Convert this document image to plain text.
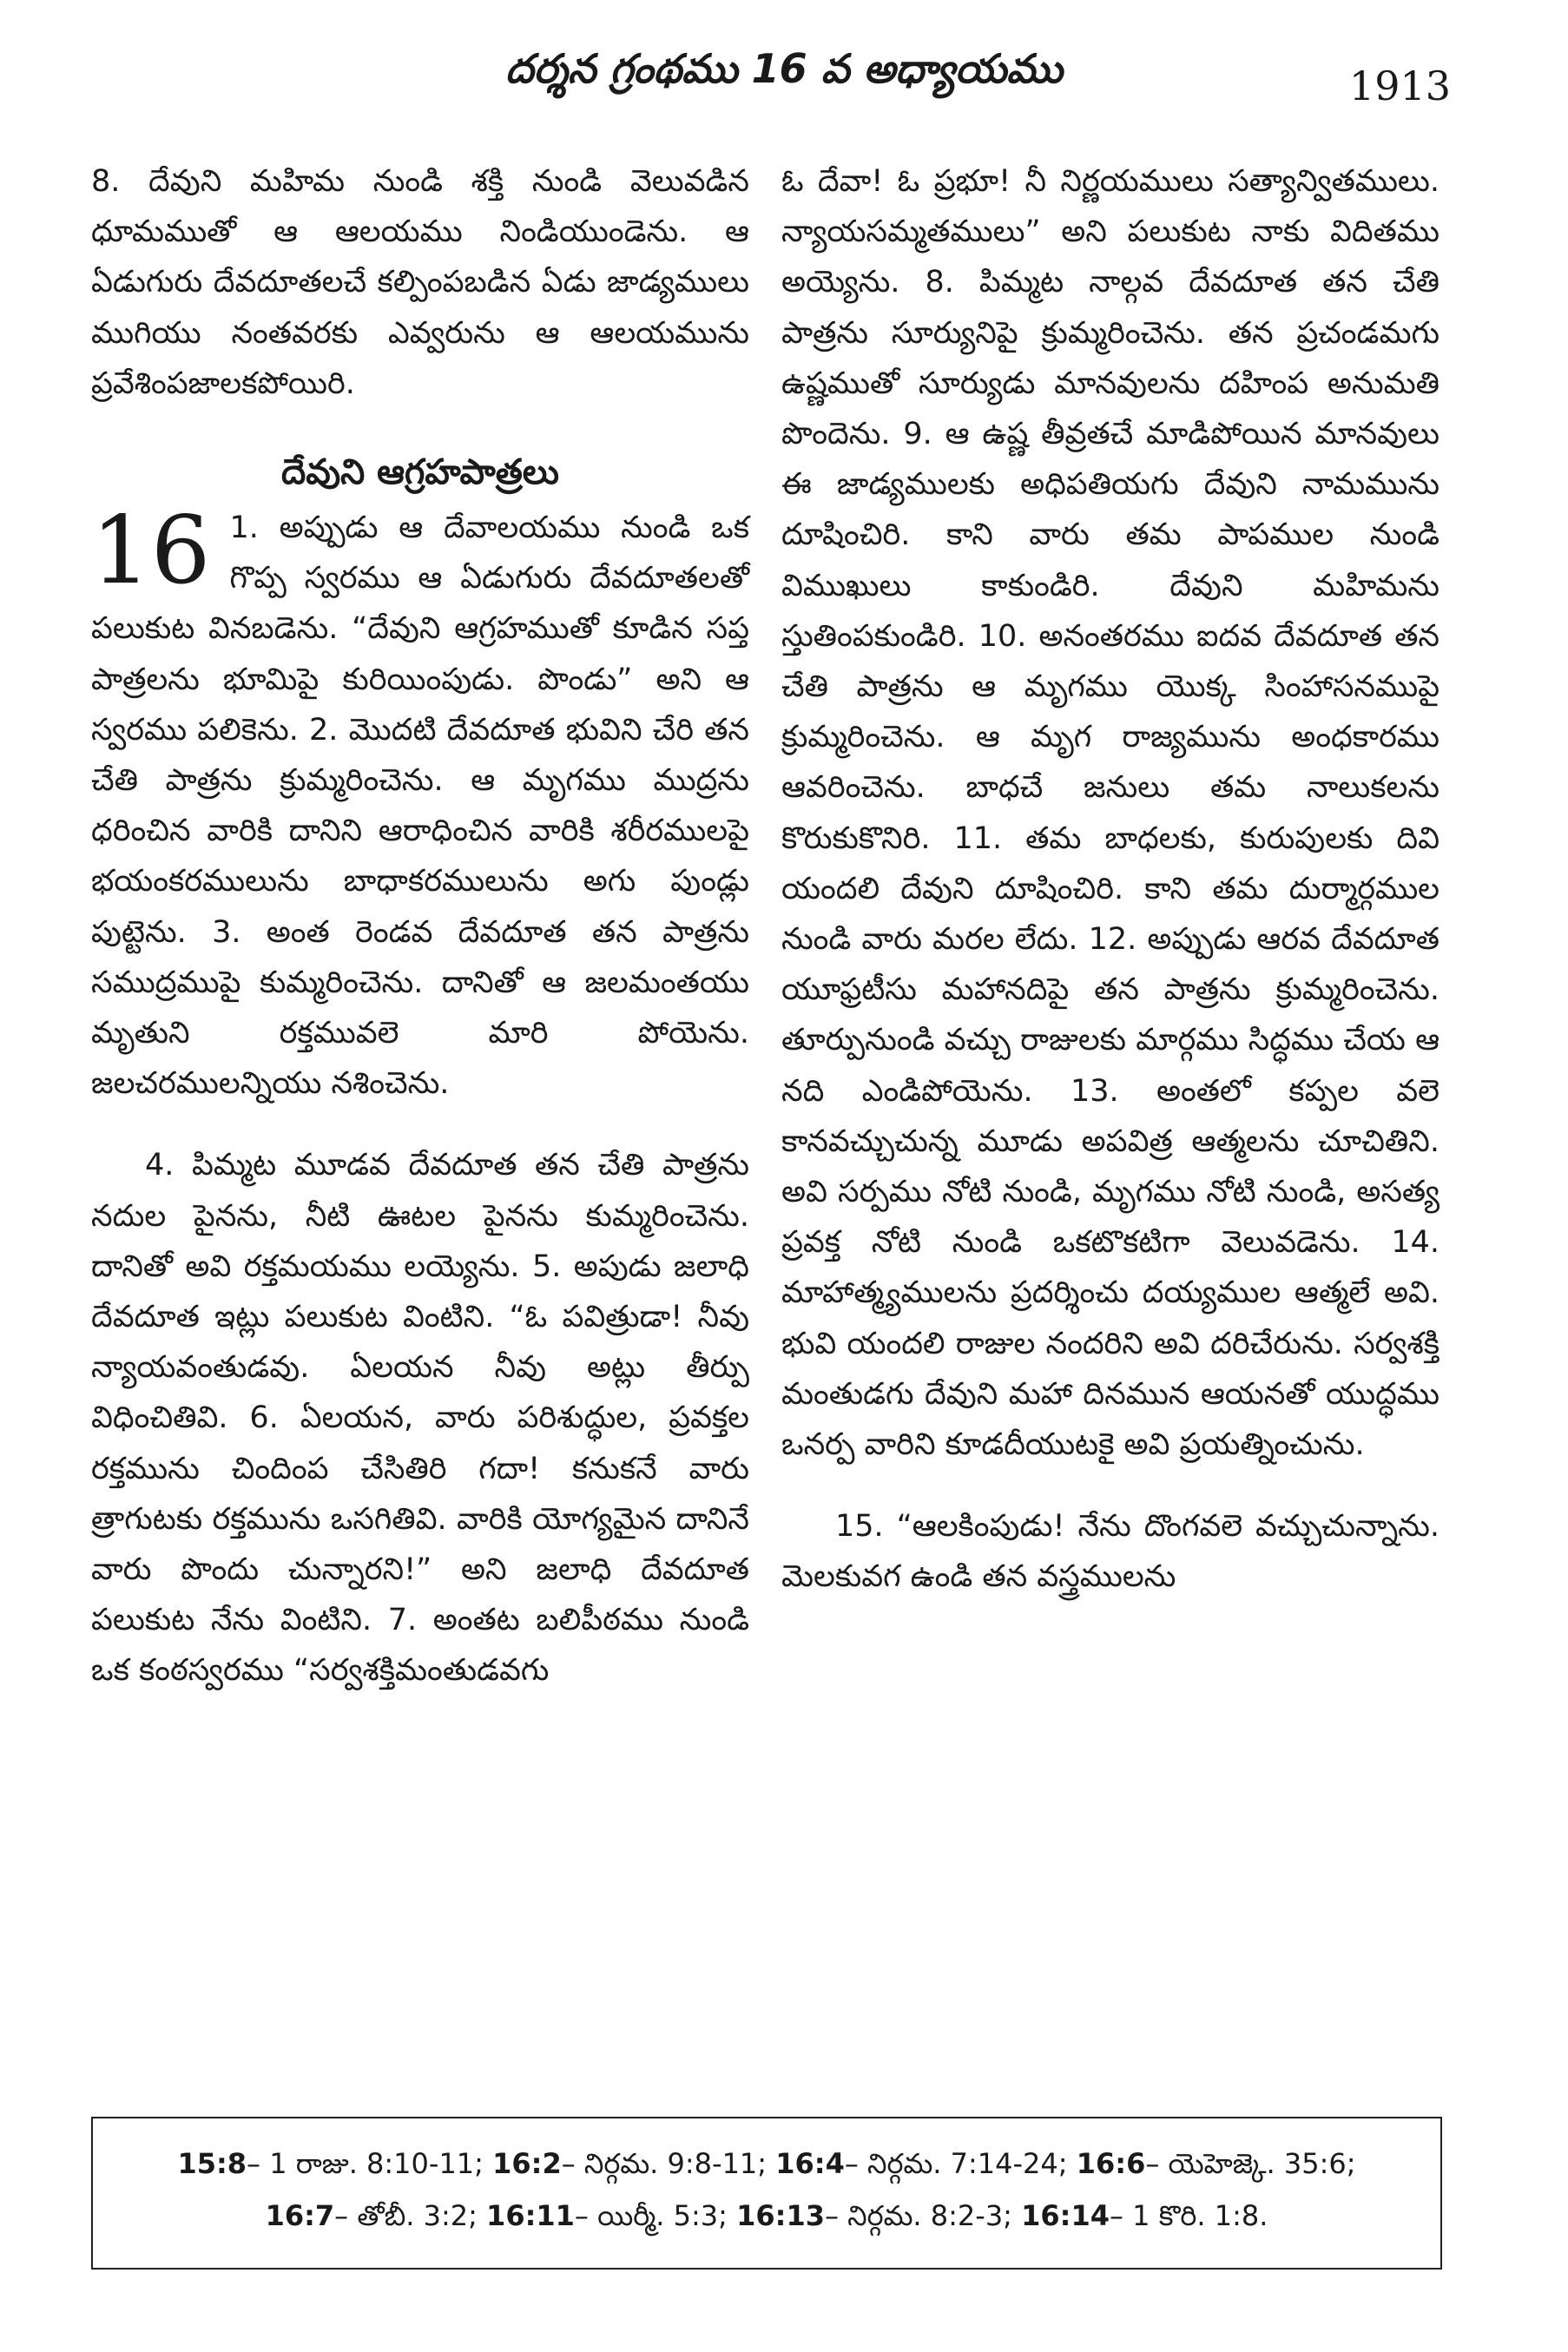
దర్శన గ్రంథము 16 వ అధ్యాయము	1913

8. దేవుని మహిమ నుండి శక్తి నుండి వెలువడిన ధూమముతో ఆ ఆలయము నిండియుండెను. ఆ ఏడుగురు దేవదూతలచే కల్పింపబడిన ఏడు జాడ్యములు ముగియు నంతవరకు ఎవ్వరును ఆ ఆలయమును ప్రవేశింపజాలకపోయిరి.

దేవుని ఆగ్రహపాత్రలు

16 1. అప్పుడు ఆ దేవాలయము నుండి ఒక గొప్ప స్వరము ఆ ఏడుగురు దేవదూతలతో పలుకుట వినబడెను. “దేవుని ఆగ్రహముతో కూడిన సప్త పాత్రలను భూమిపై కురియింపుడు. పొండు” అని ఆ స్వరము పలికెను. 2. మొదటి దేవదూత భువిని చేరి తన చేతి పాత్రను క్రుమ్మరించెను. ఆ మృగము ముద్రను ధరించిన వారికి దానిని ఆరాధించిన వారికి శరీరములపై భయంకరములును బాధాకరములును అగు పుండ్లు పుట్టెను. 3. అంత రెండవ దేవదూత తన పాత్రను సముద్రముపై కుమ్మరించెను. దానితో ఆ జలమంతయు మృతుని రక్తమువలె మారి పోయెను. జలచరములన్నియు నశించెను.

4. పిమ్మట మూడవ దేవదూత తన చేతి పాత్రను నదుల పైనను, నీటి ఊటల పైనను కుమ్మరించెను. దానితో అవి రక్తమయము లయ్యెను. 5. అపుడు జలాధి దేవదూత ఇట్లు పలుకుట వింటిని. “ఓ పవిత్రుడా! నీవు న్యాయవంతుడవు. ఏలయన నీవు అట్లు తీర్పు విధించితివి. 6. ఏలయన, వారు పరిశుద్ధుల, ప్రవక్తల రక్తమును చిందింప చేసితిరి గదా! కనుకనే వారు త్రాగుటకు రక్తమును ఒసగితివి. వారికి యోగ్యమైన దానినే వారు పొందు చున్నారని!” అని జలాధి దేవదూత పలుకుట నేను వింటిని. 7. అంతట బలిపీఠము నుండి ఒక కంఠస్వరము “సర్వశక్తిమంతుడవగు

ఓ దేవా! ఓ ప్రభూ! నీ నిర్ణయములు సత్యాన్వితములు. న్యాయసమ్మతములు” అని పలుకుట నాకు విదితము అయ్యెను. 8. పిమ్మట నాల్గవ దేవదూత తన చేతి పాత్రను సూర్యునిపై క్రుమ్మరించెను. తన ప్రచండమగు ఉష్ణముతో సూర్యుడు మానవులను దహింప అనుమతి పొందెను. 9. ఆ ఉష్ణ తీవ్రతచే మాడిపోయిన మానవులు ఈ జాడ్యములకు అధిపతియగు దేవుని నామమును దూషించిరి. కాని వారు తమ పాపముల నుండి విముఖులు కాకుండిరి. దేవుని మహిమను స్తుతింపకుండిరి. 10. అనంతరము ఐదవ దేవదూత తన చేతి పాత్రను ఆ మృగము యొక్క సింహాసనముపై క్రుమ్మరించెను. ఆ మృగ రాజ్యమును అంధకారము ఆవరించెను. బాధచే జనులు తమ నాలుకలను కొరుకుకొనిరి. 11. తమ బాధలకు, కురుపులకు దివి యందలి దేవుని దూషించిరి. కాని తమ దుర్మార్గముల నుండి వారు మరల లేదు. 12. అప్పుడు ఆరవ దేవదూత యూఫ్రటీసు మహానదిపై తన పాత్రను క్రుమ్మరించెను. తూర్పునుండి వచ్చు రాజులకు మార్గము సిద్ధము చేయ ఆ నది ఎండిపోయెను. 13. అంతలో కప్పల వలె కానవచ్చుచున్న మూడు అపవిత్ర ఆత్మలను చూచితిని. అవి సర్పము నోటి నుండి, మృగము నోటి నుండి, అసత్య ప్రవక్త నోటి నుండి ఒకటొకటిగా వెలువడెను. 14. మాహాత్మ్యములను ప్రదర్శించు దయ్యముల ఆత్మలే అవి. భువి యందలి రాజుల నందరిని అవి దరిచేరును. సర్వశక్తి మంతుడగు దేవుని మహా దినమున ఆయనతో యుద్ధము ఒనర్ప వారిని కూడదీయుటకై అవి ప్రయత్నించును.

15. “ఆలకింపుడు! నేను దొంగవలె వచ్చుచున్నాను. మెలకువగ ఉండి తన వస్త్రములను

15:8– 1 రాజు. 8:10-11; 16:2– నిర్గమ. 9:8-11; 16:4– నిర్గమ. 7:14-24; 16:6– యెహెజ్కె. 35:6;
16:7– తోబీ. 3:2; 16:11– యిర్మీ. 5:3; 16:13– నిర్గమ. 8:2-3; 16:14– 1 కొరి. 1:8.
